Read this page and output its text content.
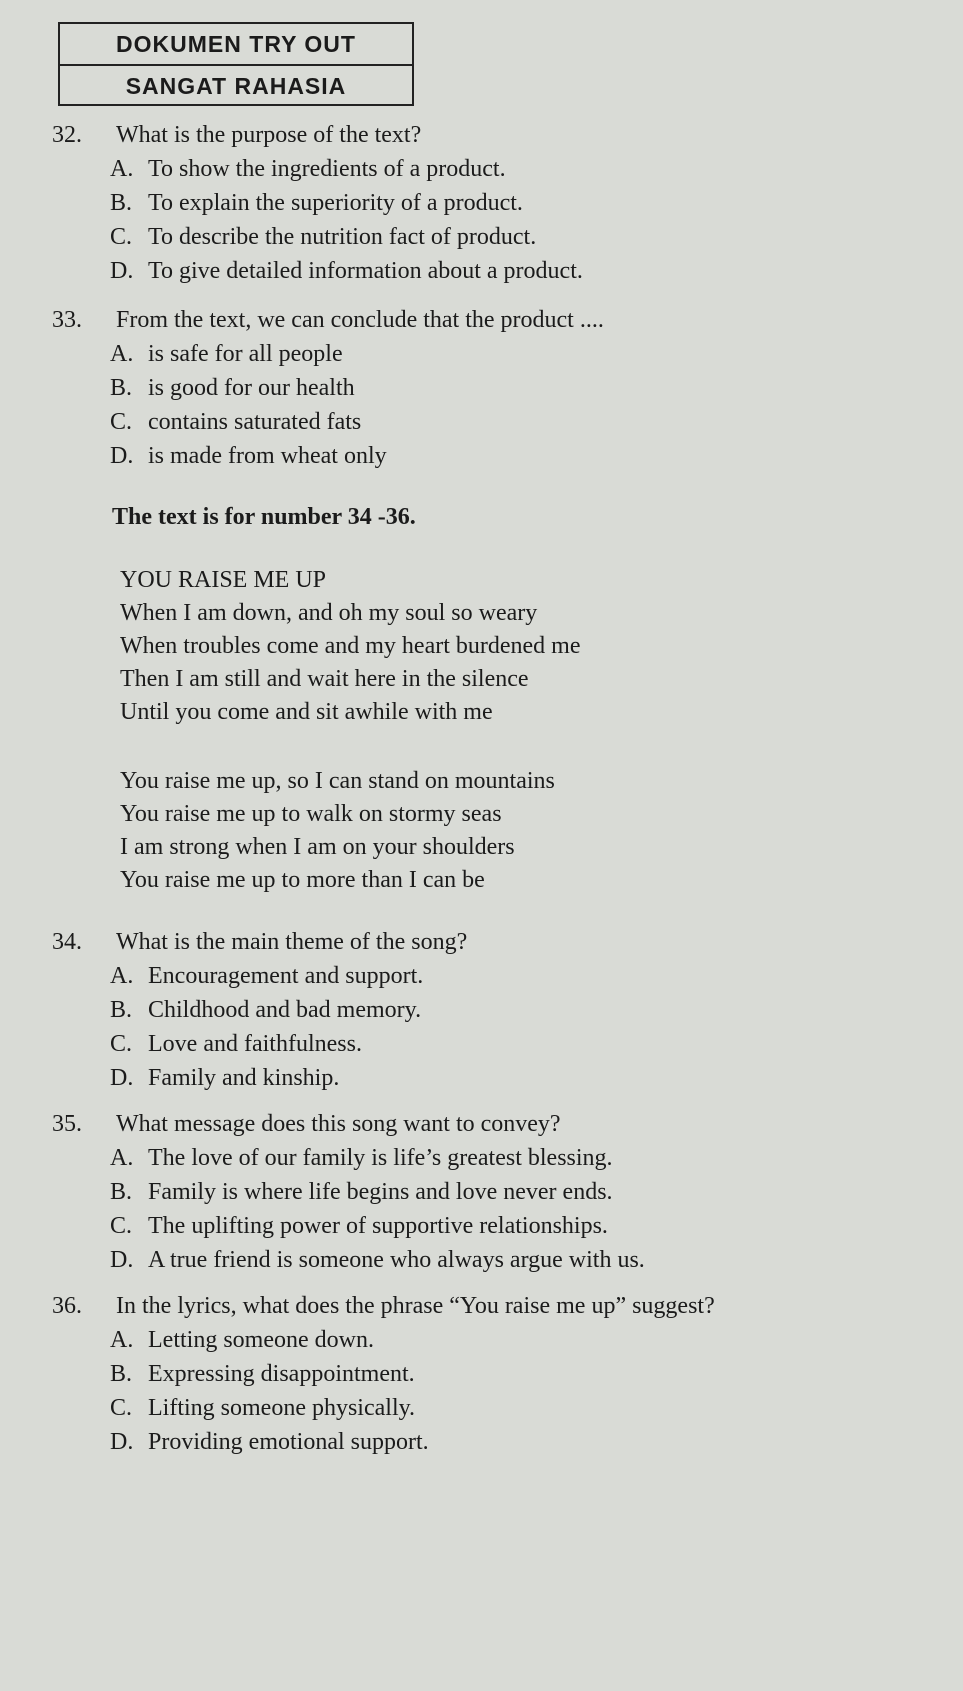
DOKUMEN TRY OUT
SANGAT RAHASIA
32. What is the purpose of the text?
A. To show the ingredients of a product.
B. To explain the superiority of a product.
C. To describe the nutrition fact of product.
D. To give detailed information about a product.
33. From the text, we can conclude that the product ....
A. is safe for all people
B. is good for our health
C. contains saturated fats
D. is made from wheat only
The text is for number 34 -36.
YOU RAISE ME UP
When I am down, and oh my soul so weary
When troubles come and my heart burdened me
Then I am still and wait here in the silence
Until you come and sit awhile with me
You raise me up, so I can stand on mountains
You raise me up to walk on stormy seas
I am strong when I am on your shoulders
You raise me up to more than I can be
34. What is the main theme of the song?
A. Encouragement and support.
B. Childhood and bad memory.
C. Love and faithfulness.
D. Family and kinship.
35. What message does this song want to convey?
A. The love of our family is life’s greatest blessing.
B. Family is where life begins and love never ends.
C. The uplifting power of supportive relationships.
D. A true friend is someone who always argue with us.
36. In the lyrics, what does the phrase “You raise me up” suggest?
A. Letting someone down.
B. Expressing disappointment.
C. Lifting someone physically.
D. Providing emotional support.
